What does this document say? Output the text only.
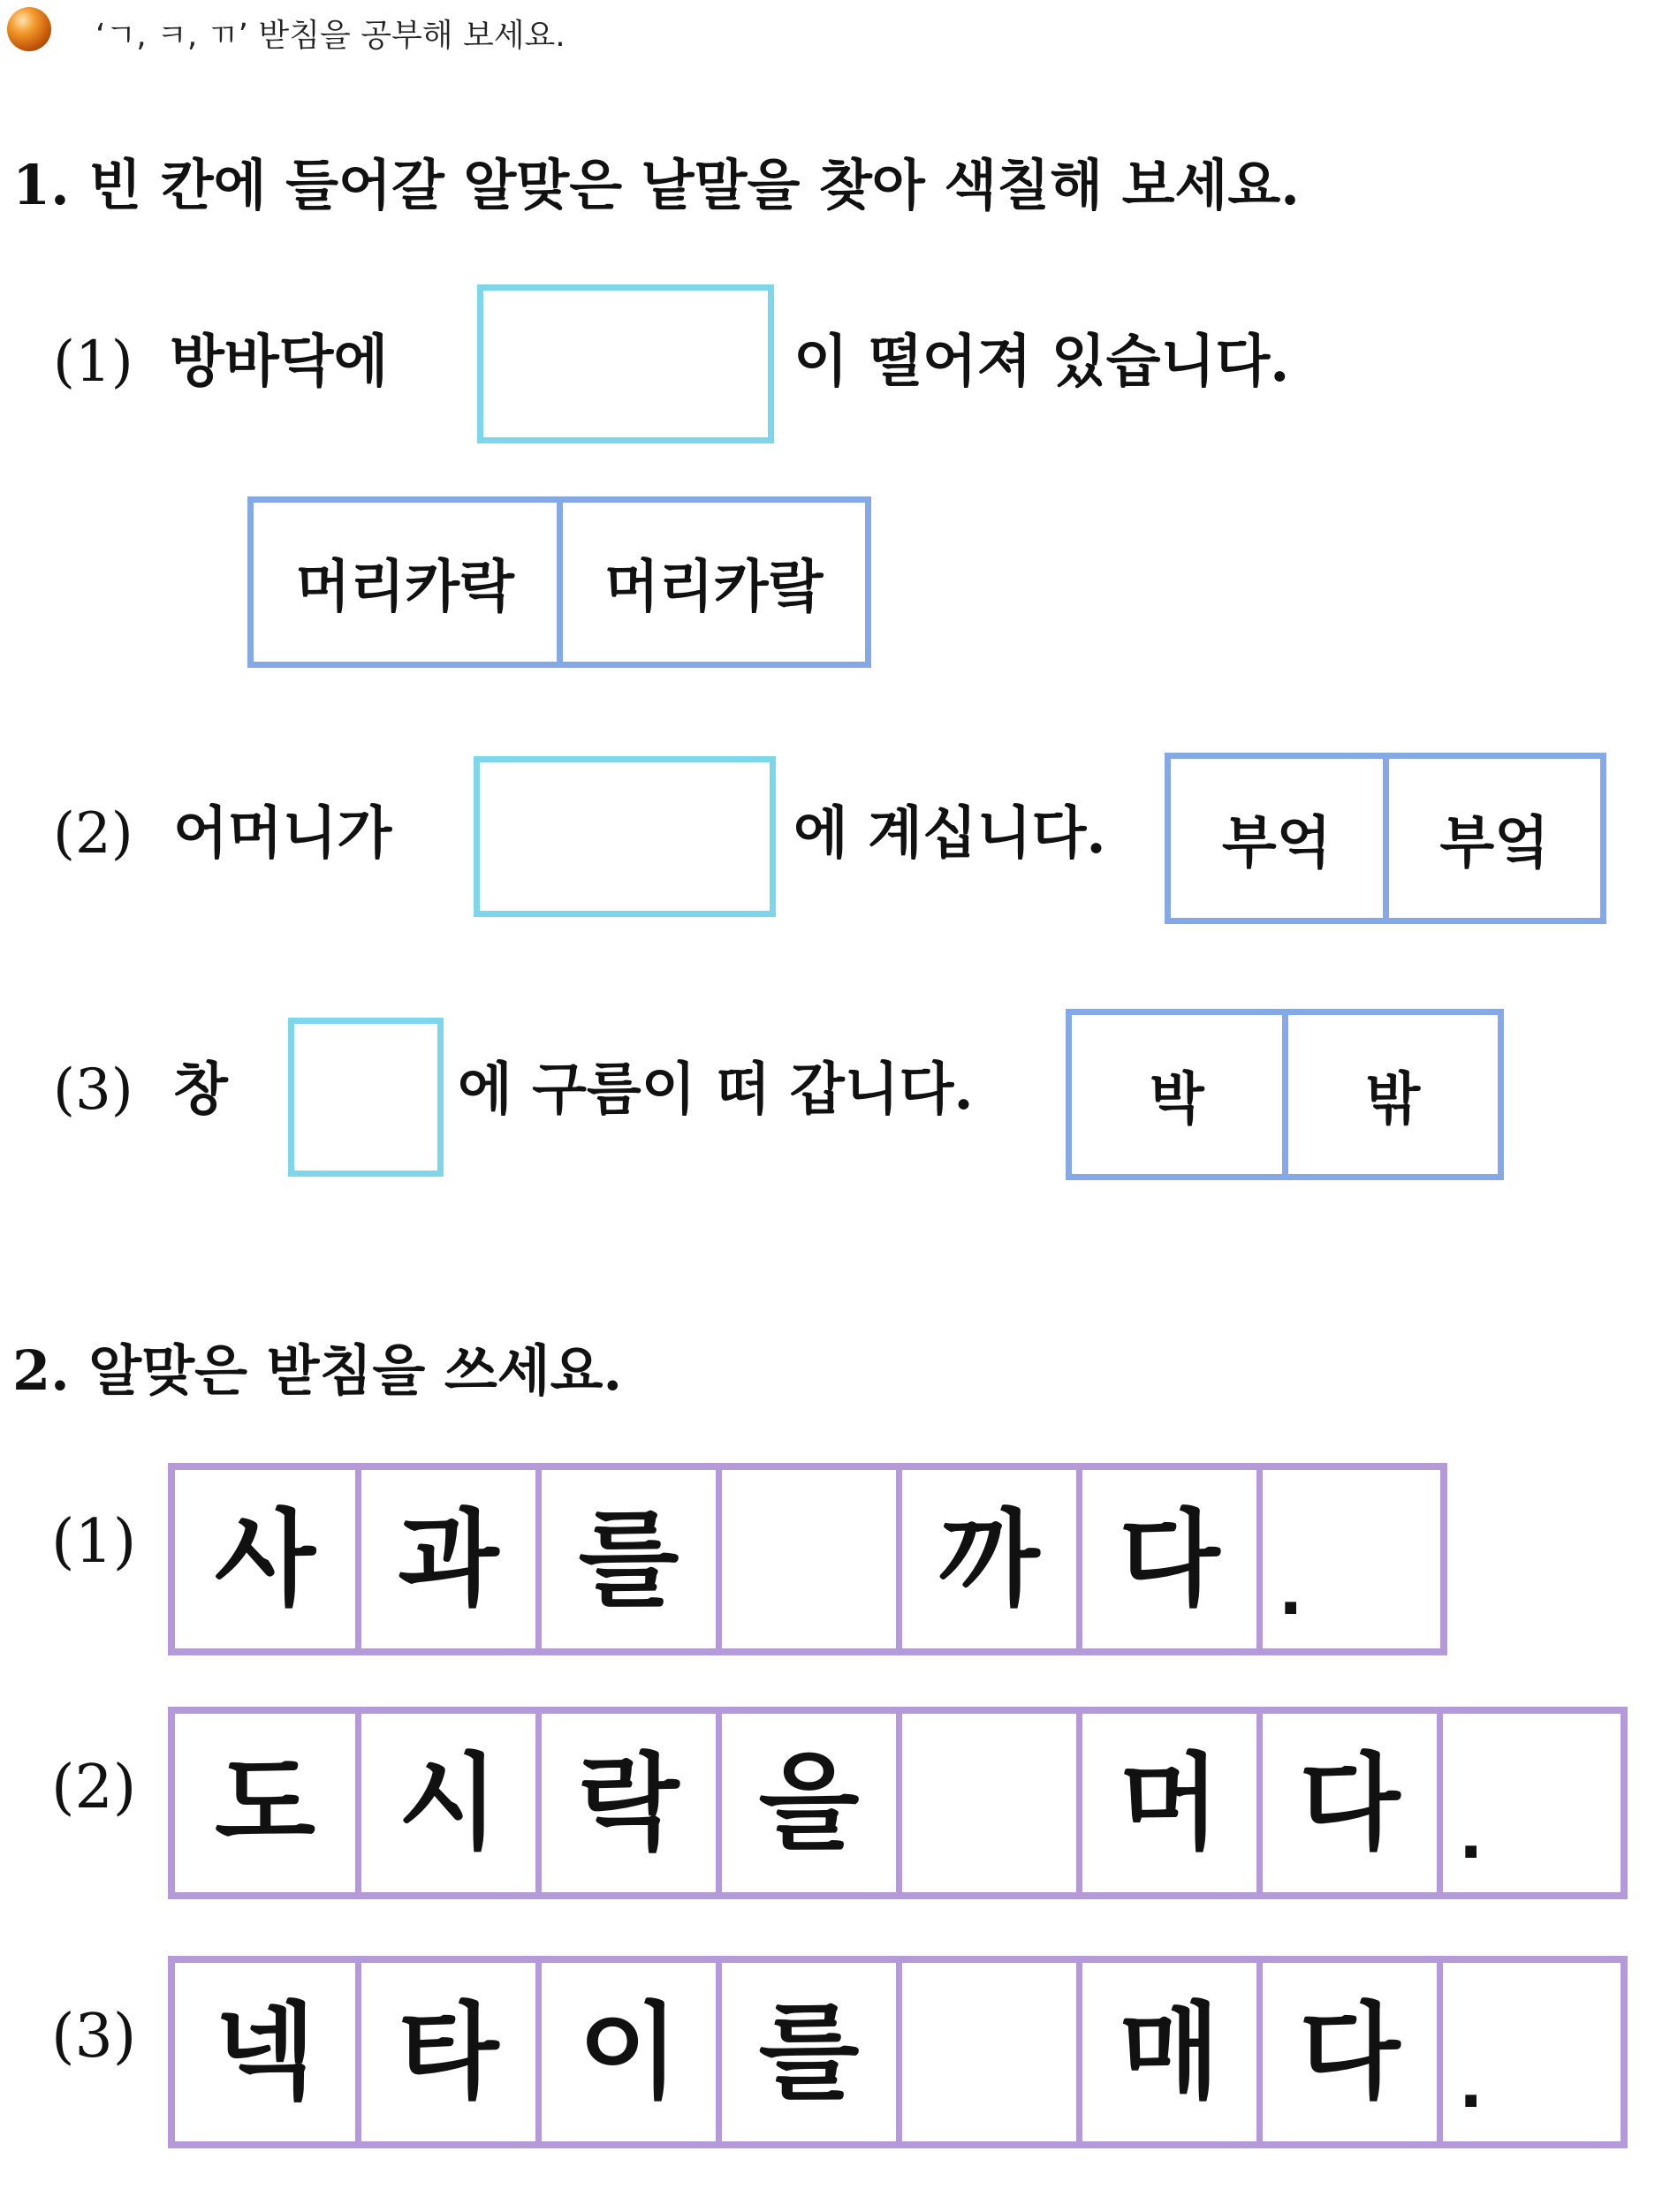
‘ㄱ, ㅋ, ㄲ’ 받침을 공부해 보세요.
1. 빈 칸에 들어갈 알맞은 낱말을 찾아 색칠해 보세요.
(1) 방바닥에	이 떨어져 있습니다.
머리카락	머리카랔
(2) 어머니가	에 계십니다.	부억	부엌
(3) 창	에 구름이 떠 갑니다.	박	밖
2. 알맞은 받침을 쓰세요.
(1) 사 과 를	까 다 .
(2) 도 시 락 을	머 다 .
(3) 넥 타 이 를	매 다 .
